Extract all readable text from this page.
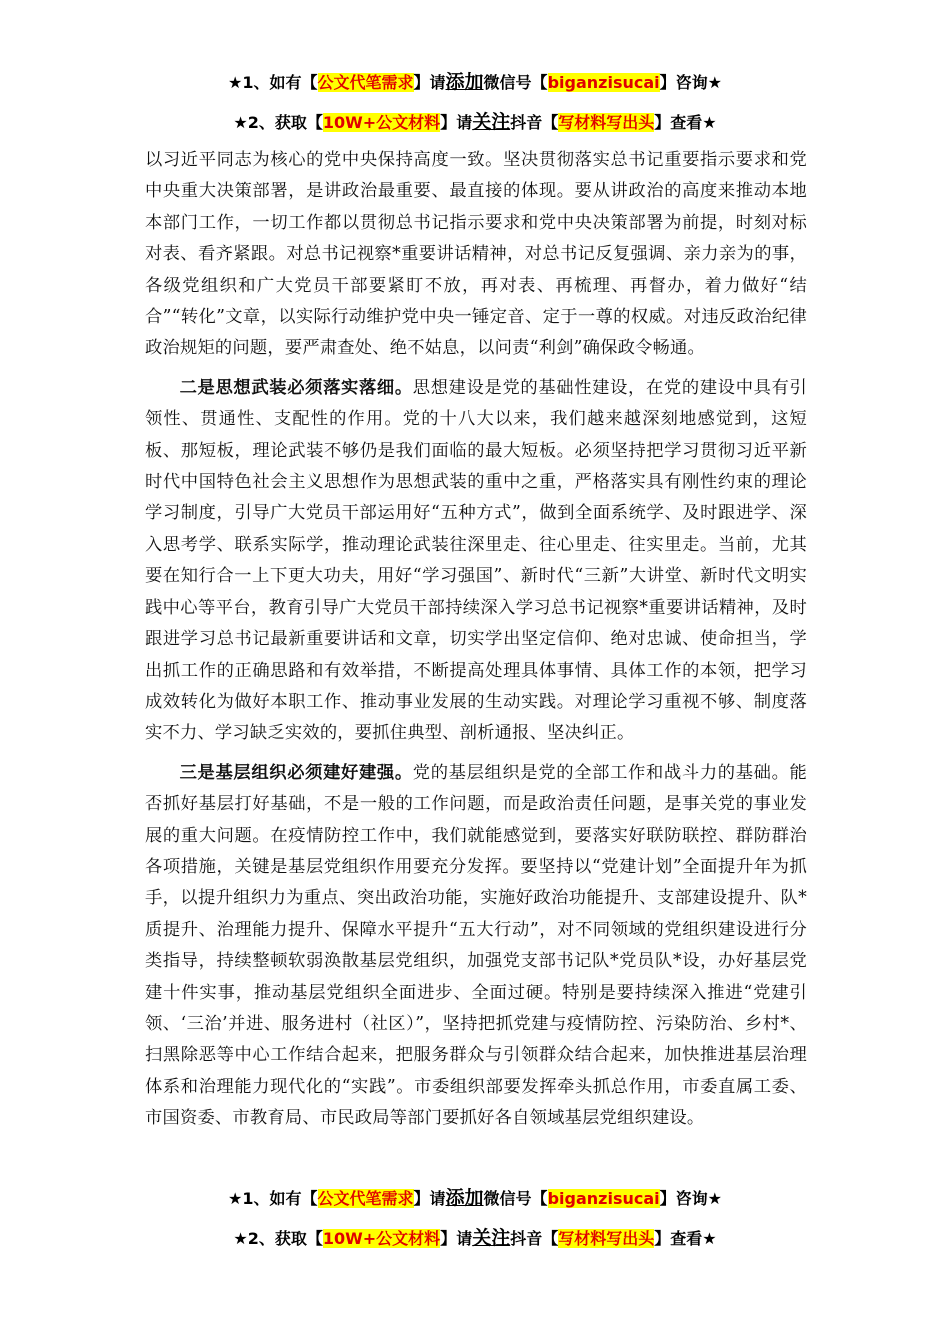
★1、如有【公文代笔需求】请添加微信号【biganzisucai】咨询★
★2、获取【10W+公文材料】请关注抖音【写材料写出头】查看★

以习近平同志为核心的党中央保持高度一致。坚决贯彻落实总书记重要指示要求和党中央重大决策部署，是讲政治最重要、最直接的体现。要从讲政治的高度来推动本地本部门工作，一切工作都以贯彻总书记指示要求和党中央决策部署为前提，时刻对标对表、看齐紧跟。对总书记视察*重要讲话精神，对总书记反复强调、亲力亲为的事，各级党组织和广大党员干部要紧盯不放，再对表、再梳理、再督办，着力做好“结合”“转化”文章，以实际行动维护党中央一锤定音、定于一尊的权威。对违反政治纪律政治规矩的问题，要严肃查处、绝不姑息，以问责“利剑”确保政令畅通。

二是思想武装必须落实落细。思想建设是党的基础性建设，在党的建设中具有引领性、贯通性、支配性的作用。党的十八大以来，我们越来越深刻地感觉到，这短板、那短板，理论武装不够仍是我们面临的最大短板。必须坚持把学习贯彻习近平新时代中国特色社会主义思想作为思想武装的重中之重，严格落实具有刚性约束的理论学习制度，引导广大党员干部运用好“五种方式”，做到全面系统学、及时跟进学、深入思考学、联系实际学，推动理论武装往深里走、往心里走、往实里走。当前，尤其要在知行合一上下更大功夫，用好“学习强国”、新时代“三新”大讲堂、新时代文明实践中心等平台，教育引导广大党员干部持续深入学习总书记视察*重要讲话精神，及时跟进学习总书记最新重要讲话和文章，切实学出坚定信仰、绝对忠诚、使命担当，学出抓工作的正确思路和有效举措，不断提高处理具体事情、具体工作的本领，把学习成效转化为做好本职工作、推动事业发展的生动实践。对理论学习重视不够、制度落实不力、学习缺乏实效的，要抓住典型、剖析通报、坚决纠正。

三是基层组织必须建好建强。党的基层组织是党的全部工作和战斗力的基础。能否抓好基层打好基础，不是一般的工作问题，而是政治责任问题，是事关党的事业发展的重大问题。在疫情防控工作中，我们就能感觉到，要落实好联防联控、群防群治各项措施，关键是基层党组织作用要充分发挥。要坚持以“党建计划”全面提升年为抓手，以提升组织力为重点、突出政治功能，实施好政治功能提升、支部建设提升、队*质提升、治理能力提升、保障水平提升“五大行动”，对不同领域的党组织建设进行分类指导，持续整顿软弱涣散基层党组织，加强党支部书记队*党员队*设，办好基层党建十件实事，推动基层党组织全面进步、全面过硬。特别是要持续深入推进“党建引领、‘三治’并进、服务进村（社区）”，坚持把抓党建与疫情防控、污染防治、乡村*、扫黑除恶等中心工作结合起来，把服务群众与引领群众结合起来，加快推进基层治理体系和治理能力现代化的“实践”。市委组织部要发挥牵头抓总作用，市委直属工委、市国资委、市教育局、市民政局等部门要抓好各自领域基层党组织建设。

★1、如有【公文代笔需求】请添加微信号【biganzisucai】咨询★
★2、获取【10W+公文材料】请关注抖音【写材料写出头】查看★
